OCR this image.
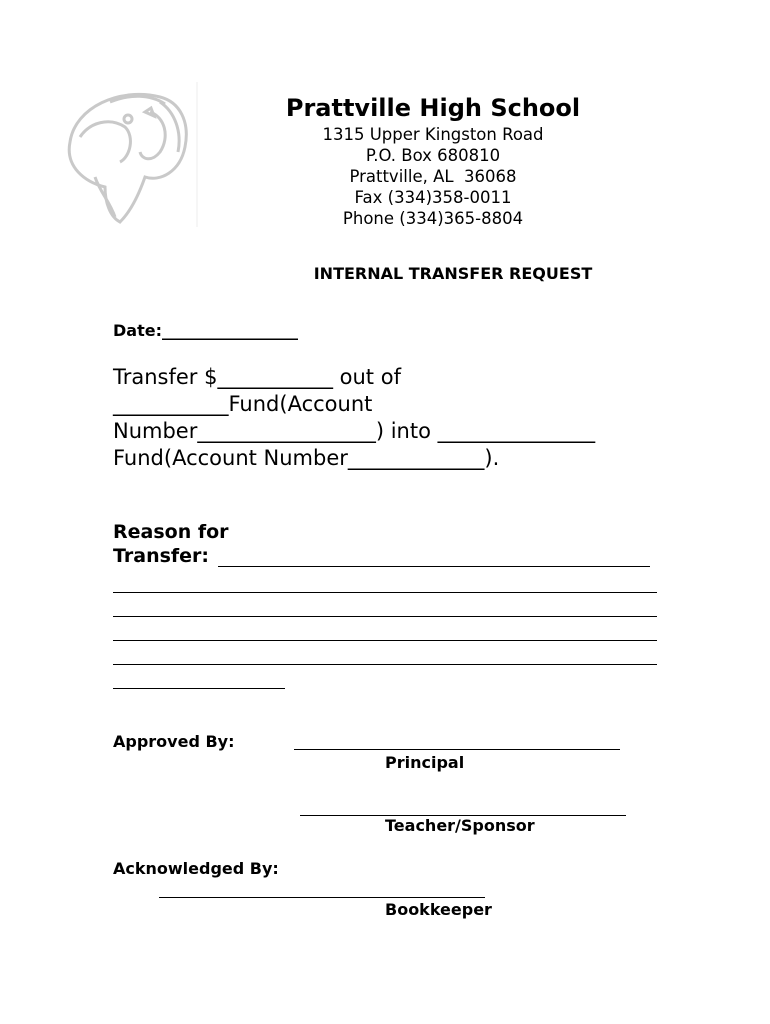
Prattville High School
1315 Upper Kingston Road
P.O. Box 680810
Prattville, AL  36068
Fax (334)358-0011
Phone (334)365-8804
INTERNAL TRANSFER REQUEST
Date:_________________
Transfer $___________ out of
___________Fund(Account
Number_________________) into _______________
Fund(Account Number_____________).
Reason for
Transfer:
Approved By:
Principal
Teacher/Sponsor
Acknowledged By:
Bookkeeper
